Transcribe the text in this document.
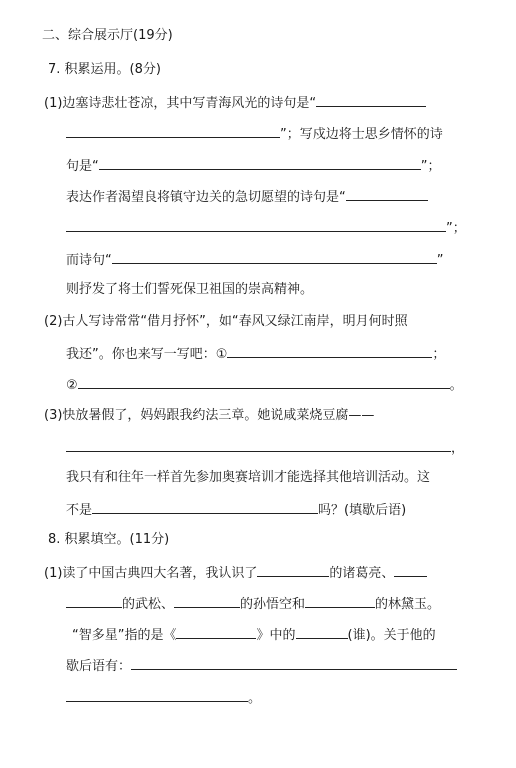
二、综合展示厅(19分)
7. 积累运用。(8分)
(1)边塞诗悲壮苍凉，其中写青海风光的诗句是“
”；写戍边将士思乡情怀的诗
句是“	”；
表达作者渴望良将镇守边关的急切愿望的诗句是“
”；
而诗句“	”
则抒发了将士们誓死保卫祖国的崇高精神。
(2)古人写诗常常“借月抒怀”，如“春风又绿江南岸，明月何时照
我还”。你也来写一写吧：①	；
②	。
(3)快放暑假了，妈妈跟我约法三章。她说咸菜烧豆腐——
，
我只有和往年一样首先参加奥赛培训才能选择其他培训活动。这
不是	吗？(填歇后语)
8. 积累填空。(11分)
(1)读了中国古典四大名著，我认识了	的诸葛亮、
的武松、	的孙悟空和	的林黛玉。
“智多星”指的是《	》中的	(谁)。关于他的
歇后语有：
。
